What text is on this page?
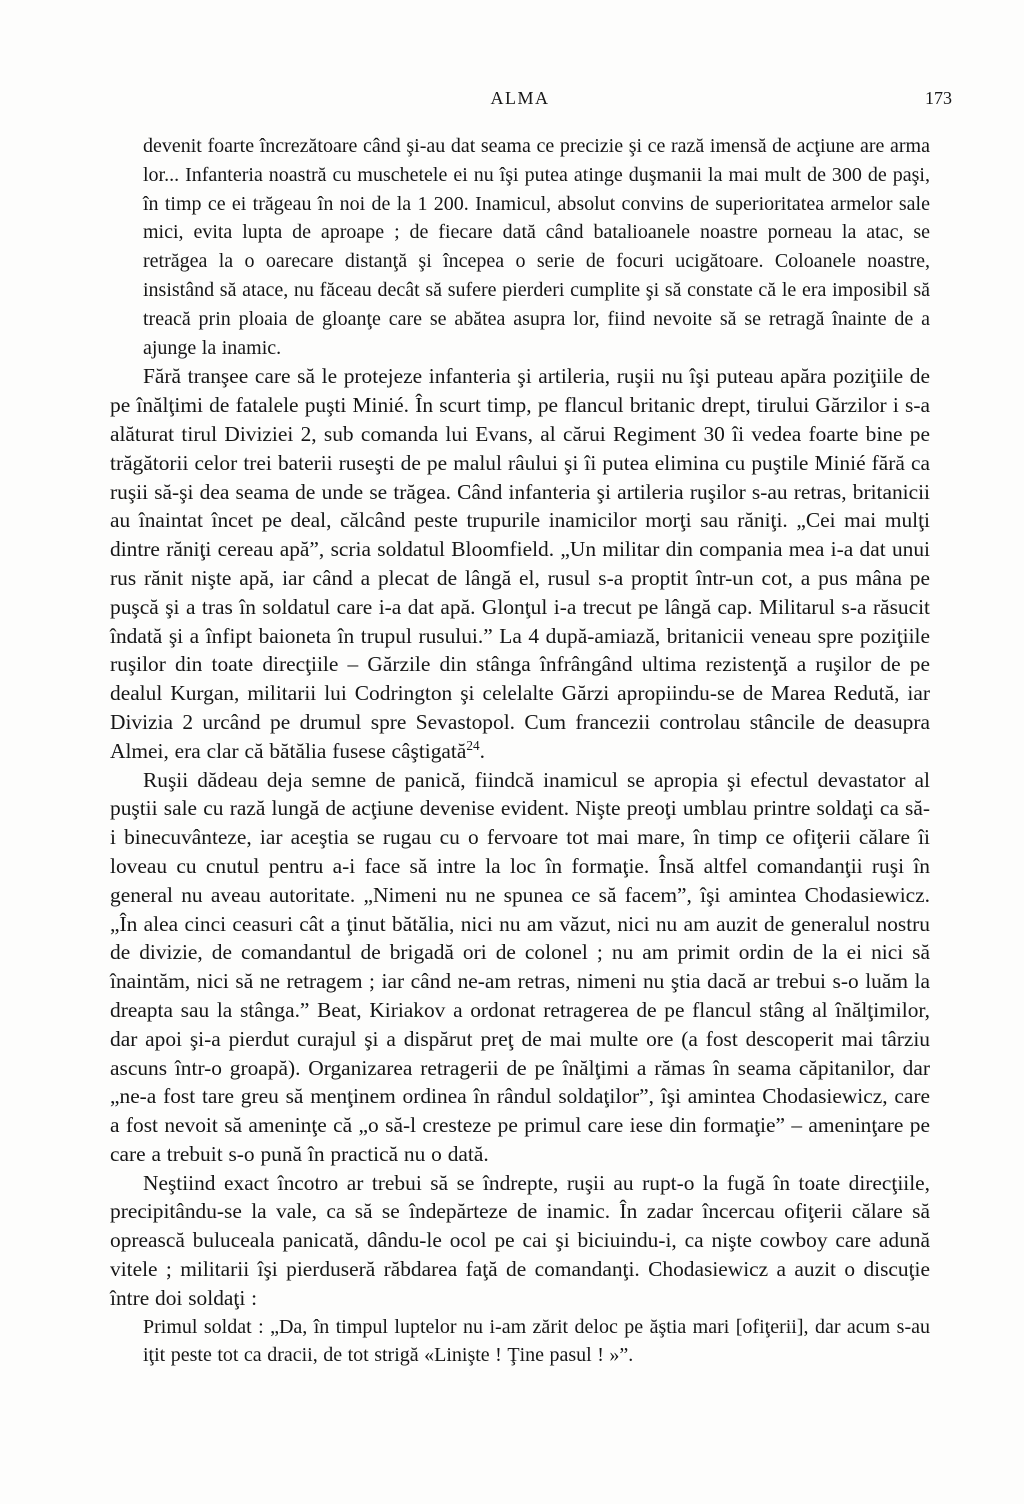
ALMA	173

devenit foarte încrezătoare când şi-au dat seama ce precizie şi ce rază imensă de acţiune are arma lor... Infanteria noastră cu muschetele ei nu îşi putea atinge duşmanii la mai mult de 300 de paşi, în timp ce ei trăgeau în noi de la 1 200. Inamicul, absolut convins de superioritatea armelor sale mici, evita lupta de aproape ; de fiecare dată când batalioanele noastre porneau la atac, se retrăgea la o oarecare distanţă şi începea o serie de focuri ucigătoare. Coloanele noastre, insistând să atace, nu făceau decât să sufere pierderi cumplite şi să constate că le era imposibil să treacă prin ploaia de gloanţe care se abătea asupra lor, fiind nevoite să se retragă înainte de a ajunge la inamic.

Fără tranşee care să le protejeze infanteria şi artileria, ruşii nu îşi puteau apăra poziţiile de pe înălţimi de fatalele puşti Minié. În scurt timp, pe flancul britanic drept, tirului Gărzilor i s-a alăturat tirul Diviziei 2, sub comanda lui Evans, al cărui Regiment 30 îi vedea foarte bine pe trăgătorii celor trei baterii ruseşti de pe malul râului şi îi putea elimina cu puştile Minié fără ca ruşii să-şi dea seama de unde se trăgea. Când infanteria şi artileria ruşilor s-au retras, britanicii au înaintat încet pe deal, călcând peste trupurile inamicilor morţi sau răniţi. „Cei mai mulţi dintre răniţi cereau apă”, scria soldatul Bloomfield. „Un militar din compania mea i-a dat unui rus rănit nişte apă, iar când a plecat de lângă el, rusul s-a proptit într-un cot, a pus mâna pe puşcă şi a tras în soldatul care i-a dat apă. Glonţul i-a trecut pe lângă cap. Militarul s-a răsucit îndată şi a înfipt baioneta în trupul rusului.” La 4 după-amiază, britanicii veneau spre poziţiile ruşilor din toate direcţiile – Gărzile din stânga înfrângând ultima rezistenţă a ruşilor de pe dealul Kurgan, militarii lui Codrington şi celelalte Gărzi apropiindu-se de Marea Redută, iar Divizia 2 urcând pe drumul spre Sevastopol. Cum francezii controlau stâncile de deasupra Almei, era clar că bătălia fusese câştigată$^{24}$.

Ruşii dădeau deja semne de panică, fiindcă inamicul se apropia şi efectul devastator al puştii sale cu rază lungă de acţiune devenise evident. Nişte preoţi umblau printre soldaţi ca să-i binecuvânteze, iar aceştia se rugau cu o fervoare tot mai mare, în timp ce ofiţerii călare îi loveau cu cnutul pentru a-i face să intre la loc în formaţie. Însă altfel comandanţii ruşi în general nu aveau autoritate. „Nimeni nu ne spunea ce să facem”, îşi amintea Chodasiewicz. „În alea cinci ceasuri cât a ţinut bătălia, nici nu am văzut, nici nu am auzit de generalul nostru de divizie, de comandantul de brigadă ori de colonel ; nu am primit ordin de la ei nici să înaintăm, nici să ne retragem ; iar când ne-am retras, nimeni nu ştia dacă ar trebui s-o luăm la dreapta sau la stânga.” Beat, Kiriakov a ordonat retragerea de pe flancul stâng al înălţimilor, dar apoi şi-a pierdut curajul şi a dispărut preţ de mai multe ore (a fost descoperit mai târziu ascuns într-o groapă). Organizarea retragerii de pe înălţimi a rămas în seama căpitanilor, dar „ne-a fost tare greu să menţinem ordinea în rândul soldaţilor”, îşi amintea Chodasiewicz, care a fost nevoit să ameninţe că „o să-l cresteze pe primul care iese din formaţie” – ameninţare pe care a trebuit s-o pună în practică nu o dată.

Neştiind exact încotro ar trebui să se îndrepte, ruşii au rupt-o la fugă în toate direcţiile, precipitându-se la vale, ca să se îndepărteze de inamic. În zadar încercau ofiţerii călare să oprească buluceala panicată, dându-le ocol pe cai şi biciuindu-i, ca nişte cowboy care adună vitele ; militarii îşi pierduseră răbdarea faţă de comandanţi. Chodasiewicz a auzit o discuţie între doi soldaţi :

Primul soldat : „Da, în timpul luptelor nu i-am zărit deloc pe ăştia mari [ofiţerii], dar acum s-au iţit peste tot ca dracii, de tot strigă «Linişte ! Ţine pasul ! »”.
